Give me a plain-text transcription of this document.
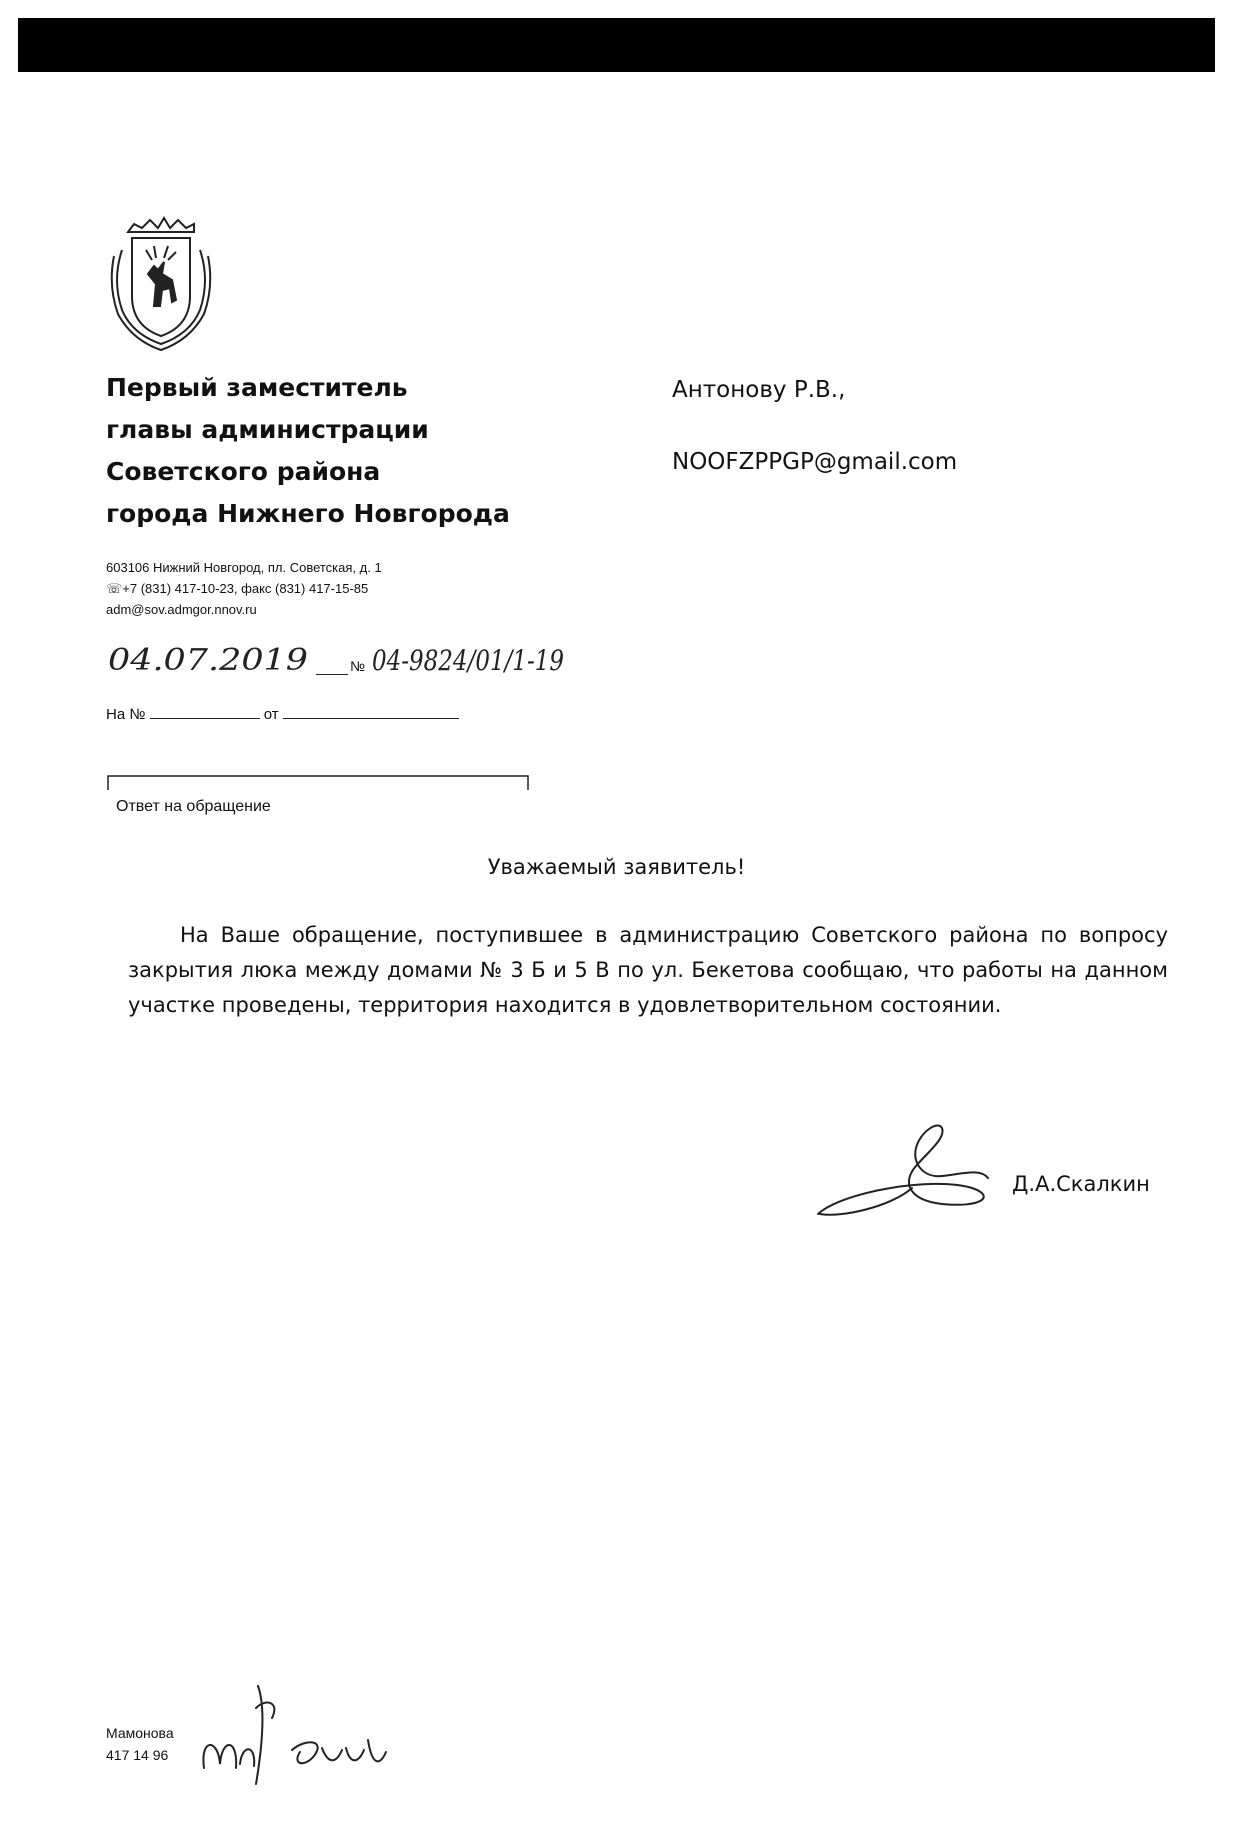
Первый заместитель
главы администрации
Советского района
города Нижнего Новгорода
Антонову Р.В.,
NOOFZPPGP@gmail.com
603106 Нижний Новгород, пл. Советская, д. 1
☏+7 (831) 417-10-23, факс (831) 417-15-85
adm@sov.admgor.nnov.ru
04.07.2019	№ 04-9824/01/1-19
На №	от
Ответ на обращение
Уважаемый заявитель!
На Ваше обращение, поступившее в администрацию Советского района по вопросу закрытия люка между домами № 3 Б и 5 В по ул. Бекетова сообщаю, что работы на данном участке проведены, территория находится в удовлетворительном состоянии.
Д.А.Скалкин
Мамонова
417 14 96
